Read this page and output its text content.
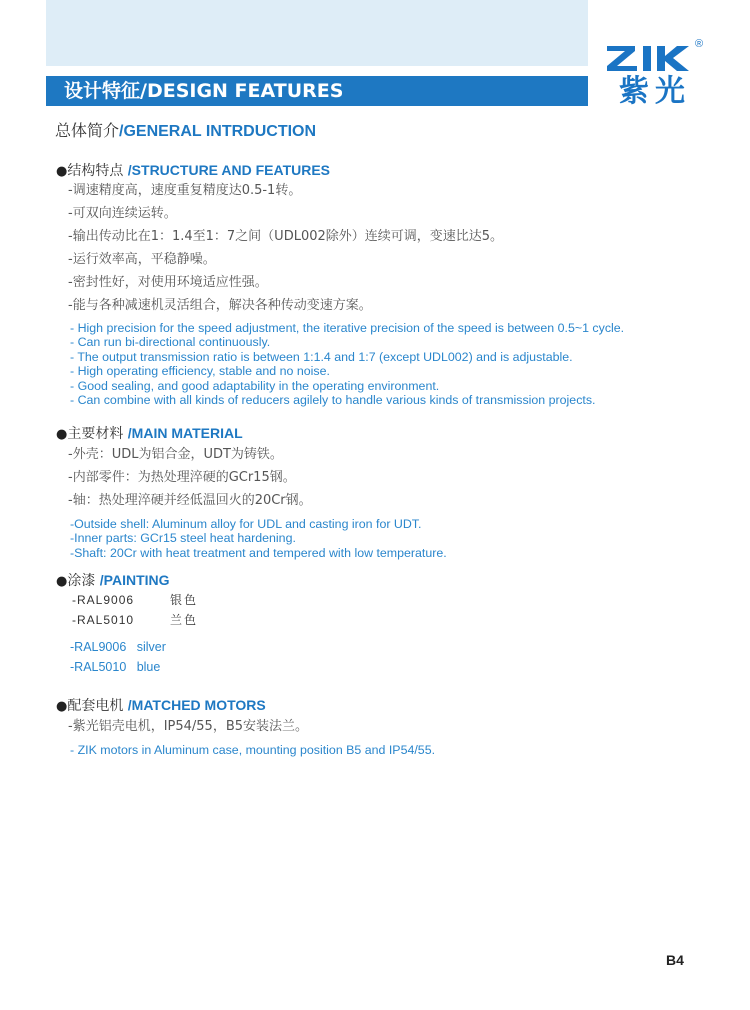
®
紫光
设计特征/DESIGN FEATURES
总体简介/GENERAL INTRDUCTION
●结构特点 /STRUCTURE AND FEATURES
-调速精度高，速度重复精度达0.5-1转。
-可双向连续运转。
-输出传动比在1：1.4至1：7之间（UDL002除外）连续可调，变速比达5。
-运行效率高，平稳静噪。
-密封性好，对使用环境适应性强。
-能与各种减速机灵活组合，解决各种传动变速方案。
- High precision for the speed adjustment, the iterative precision of the speed is between 0.5~1 cycle.
- Can run bi-directional continuously.
- The output transmission ratio is between 1:1.4 and 1:7 (except UDL002) and is adjustable.
- High operating efficiency, stable and no noise.
- Good sealing, and good adaptability in the operating environment.
- Can combine with all kinds of reducers agilely to handle various kinds of transmission projects.
●主要材料 /MAIN MATERIAL
-外壳：UDL为铝合金，UDT为铸铁。
-内部零件：为热处理淬硬的GCr15钢。
-轴：热处理淬硬并经低温回火的20Cr钢。
-Outside shell: Aluminum alloy for UDL and casting iron for UDT.
-Inner parts: GCr15 steel heat hardening.
-Shaft: 20Cr with heat treatment and tempered with low temperature.
●涂漆 /PAINTING
-RAL9006	银色
-RAL5010	兰色
-RAL9006   silver
-RAL5010   blue
●配套电机 /MATCHED MOTORS
-紫光铝壳电机，IP54/55，B5安装法兰。
- ZIK motors in Aluminum case, mounting position B5 and IP54/55.
B4
